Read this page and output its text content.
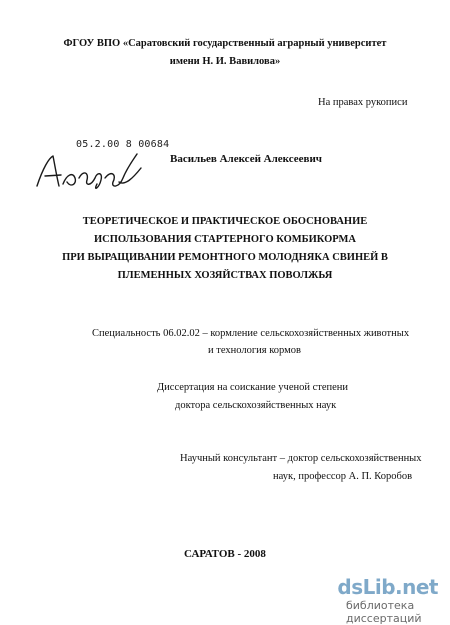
ФГОУ ВПО «Саратовский государственный аграрный университет
имени Н. И. Вавилова»
На правах рукописи
05.2.00 8 00684
Васильев Алексей Алексеевич
ТЕОРЕТИЧЕСКОЕ И ПРАКТИЧЕСКОЕ ОБОСНОВАНИЕ
ИСПОЛЬЗОВАНИЯ СТАРТЕРНОГО КОМБИКОРМА
ПРИ ВЫРАЩИВАНИИ РЕМОНТНОГО МОЛОДНЯКА СВИНЕЙ В
ПЛЕМЕННЫХ ХОЗЯЙСТВАХ ПОВОЛЖЬЯ
Специальность 06.02.02 – кормление сельскохозяйственных животных
и технология кормов
Диссертация на соискание ученой степени
доктора сельскохозяйственных наук
Научный консультант – доктор сельскохозяйственных
наук, профессор А. П. Коробов
САРАТОВ - 2008
dsLib.net
библиотека диссертаций
